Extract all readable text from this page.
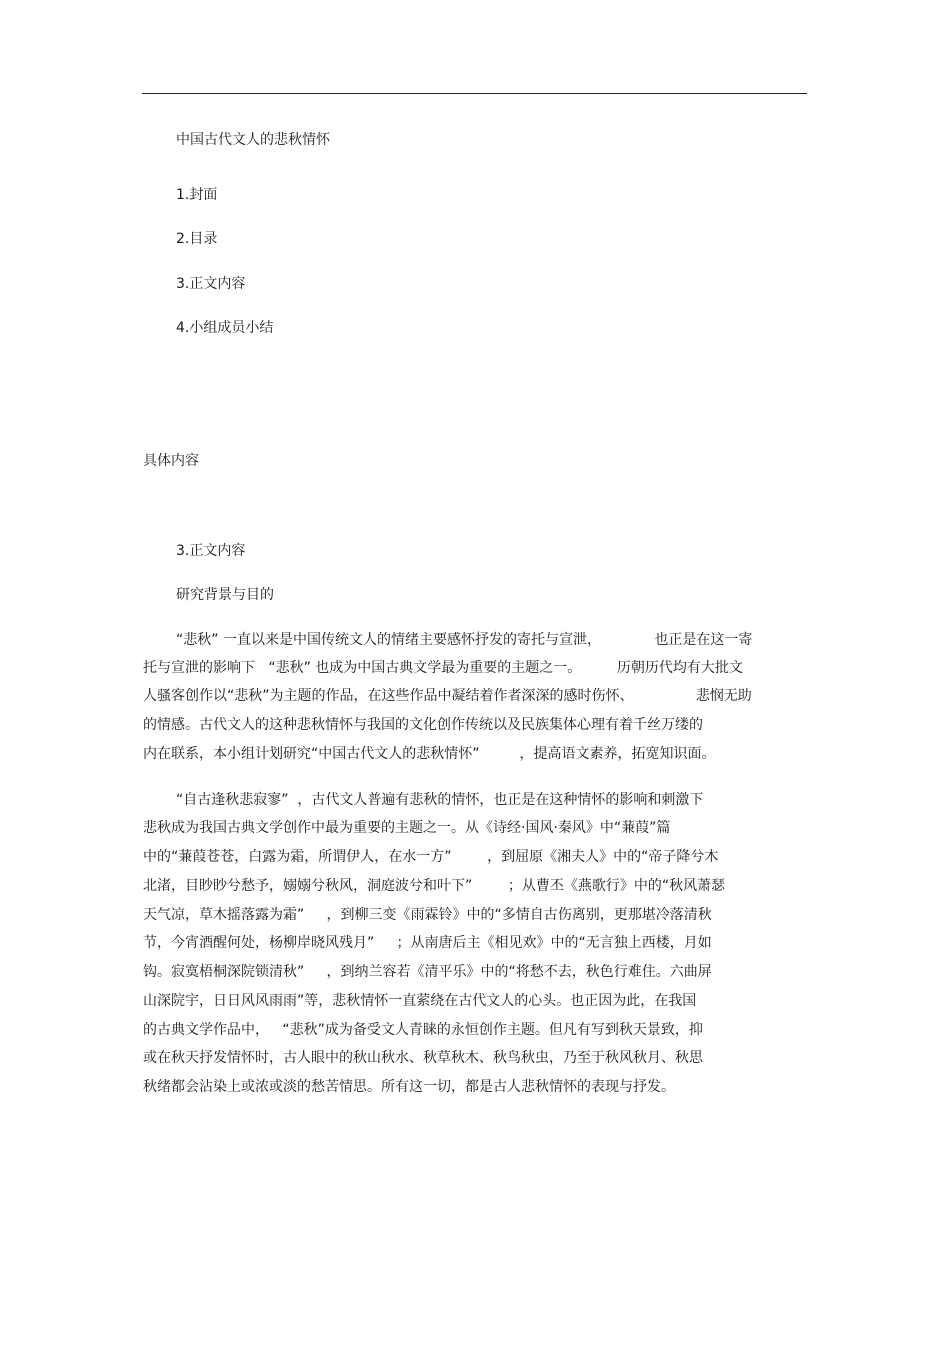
中国古代文人的悲秋情怀
1.封面
2.目录
3.正文内容
4.小组成员小结
具体内容
3.正文内容
研究背景与目的
“悲秋” 一直以来是中国传统文人的情绪主要感怀抒发的寄托与宣泄，            也正是在这一寄
托与宣泄的影响下   “悲秋” 也成为中国古典文学最为重要的主题之一。        历朝历代均有大批文
人骚客创作以“悲秋”为主题的作品，在这些作品中凝结着作者深深的感时伤怀、              悲悯无助
的情感。古代文人的这种悲秋情怀与我国的文化创作传统以及民族集体心理有着千丝万缕的
内在联系，本小组计划研究“中国古代文人的悲秋情怀”         ，提高语文素养，拓宽知识面。
“自古逢秋悲寂寥”  ，古代文人普遍有悲秋的情怀，也正是在这种情怀的影响和刺激下
悲秋成为我国古典文学创作中最为重要的主题之一。从《诗经·国风·秦风》中“蒹葭”篇
中的“蒹葭苍苍，白露为霜，所谓伊人，在水一方”        ，到屈原《湘夫人》中的“帝子降兮木
北渚，目眇眇兮愁予，嫋嫋兮秋风，洞庭波兮和叶下”        ；从曹丕《燕歌行》中的“秋风萧瑟
天气凉，草木摇落露为霜”     ，到柳三变《雨霖铃》中的“多情自古伤离别，更那堪冷落清秋
节，今宵酒醒何处，杨柳岸晓风残月”     ；从南唐后主《相见欢》中的“无言独上西楼，月如
钩。寂寞梧桐深院锁清秋”     ，到纳兰容若《清平乐》中的“将愁不去，秋色行难住。六曲屏
山深院宇，日日风风雨雨”等，悲秋情怀一直萦绕在古代文人的心头。也正因为此，在我国
的古典文学作品中，   “悲秋”成为备受文人青睐的永恒创作主题。但凡有写到秋天景致，抑
或在秋天抒发情怀时，古人眼中的秋山秋水、秋草秋木、秋鸟秋虫，乃至于秋风秋月、秋思
秋绪都会沾染上或浓或淡的愁苦情思。所有这一切，都是古人悲秋情怀的表现与抒发。
